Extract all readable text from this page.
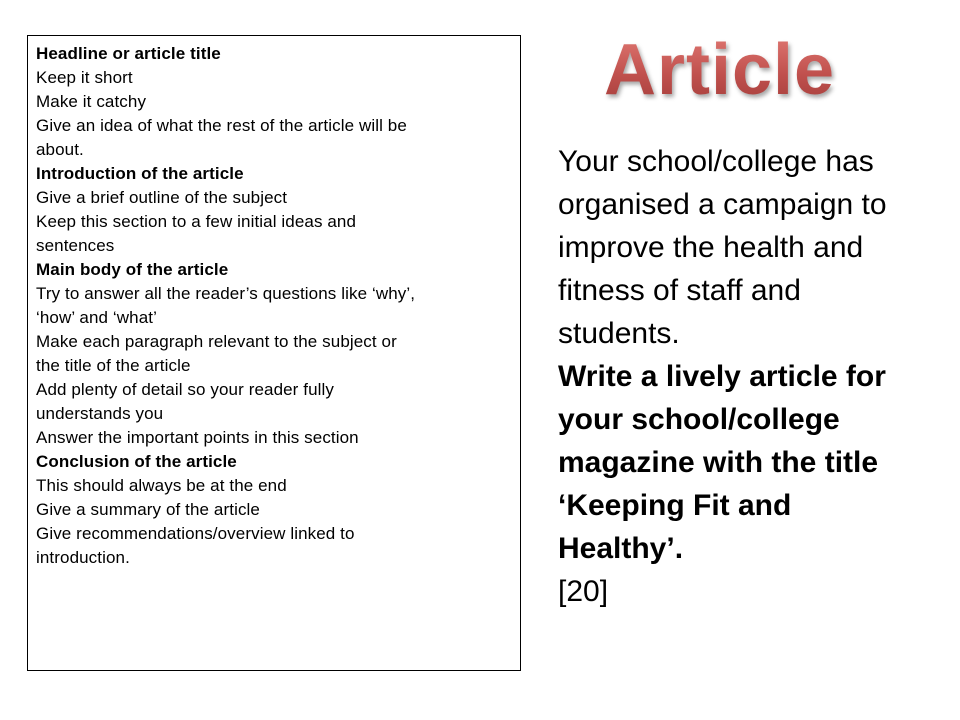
Article
Headline or article title
Keep it short
Make it catchy
Give an idea of what the rest of the article will be
about.
Introduction of the article
Give a brief outline of the subject
Keep this section to a few initial ideas and
sentences
Main body of the article
Try to answer all the reader’s questions like ‘why’,
‘how’ and ‘what’
Make each paragraph relevant to the subject or
the title of the article
Add plenty of detail so your reader fully
understands you
Answer the important points in this section
Conclusion of the article
This should always be at the end
Give a summary of the article
Give recommendations/overview linked to
introduction.
Your school/college has
organised a campaign to
improve the health and
fitness of staff and
students.
Write a lively article for
your school/college
magazine with the title
‘Keeping Fit and
Healthy’.
[20]
